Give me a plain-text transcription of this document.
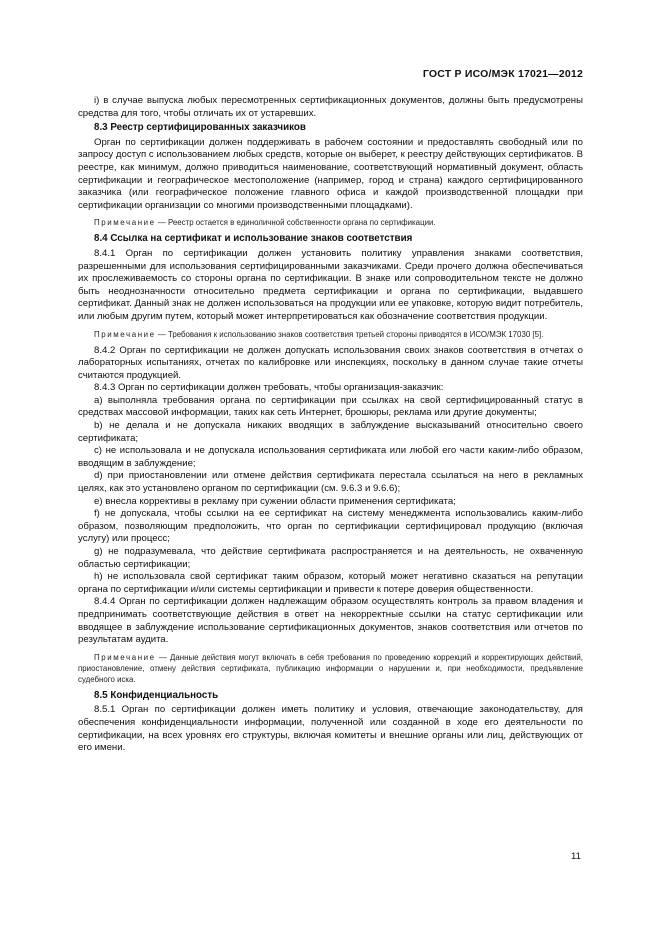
ГОСТ Р ИСО/МЭК 17021—2012

i) в случае выпуска любых пересмотренных сертификационных документов, должны быть предусмотрены средства для того, чтобы отличать их от устаревших.

8.3 Реестр сертифицированных заказчиков

Орган по сертификации должен поддерживать в рабочем состоянии и предоставлять свободный или по запросу доступ с использованием любых средств, которые он выберет, к реестру действующих сертификатов. В реестре, как минимум, должно приводиться наименование, соответствующий нормативный документ, область сертификации и географическое местоположение (например, город и страна) каждого сертифицированного заказчика (или географическое положение главного офиса и каждой производственной площадки при сертификации организации со многими производственными площадками).

Примечание — Реестр остается в единоличной собственности органа по сертификации.
8.4 Ссылка на сертификат и использование знаков соответствия

8.4.1 Орган по сертификации должен установить политику управления знаками соответствия, разрешенными для использования сертифицированными заказчиками. Среди прочего должна обеспечиваться их прослеживаемость со стороны органа по сертификации. В знаке или сопроводительном тексте не должно быть неоднозначности относительно предмета сертификации и органа по сертификации, выдавшего сертификат. Данный знак не должен использоваться на продукции или ее упаковке, которую видит потребитель, или любым другим путем, который может интерпретироваться как обозначение соответствия продукции.

Примечание — Требования к использованию знаков соответствия третьей стороны приводятся в ИСО/МЭК 17030 [5].

8.4.2 Орган по сертификации не должен допускать использования своих знаков соответствия в отчетах о лабораторных испытаниях, отчетах по калибровке или инспекциях, поскольку в данном случае такие отчеты считаются продукцией.

8.4.3 Орган по сертификации должен требовать, чтобы организация-заказчик:

a) выполняла требования органа по сертификации при ссылках на свой сертифицированный статус в средствах массовой информации, таких как сеть Интернет, брошюры, реклама или другие документы;

b) не делала и не допускала никаких вводящих в заблуждение высказываний относительно своего сертификата;

c) не использовала и не допускала использования сертификата или любой его части каким-либо образом, вводящим в заблуждение;

d) при приостановлении или отмене действия сертификата перестала ссылаться на него в рекламных целях, как это установлено органом по сертификации (см. 9.6.3 и 9.6.6);

e) внесла коррективы в рекламу при сужении области применения сертификата;

f) не допускала, чтобы ссылки на ее сертификат на систему менеджмента использовались каким-либо образом, позволяющим предположить, что орган по сертификации сертифицировал продукцию (включая услугу) или процесс;

g) не подразумевала, что действие сертификата распространяется и на деятельность, не охваченную областью сертификации;

h) не использовала свой сертификат таким образом, который может негативно сказаться на репутации органа по сертификации и/или системы сертификации и привести к потере доверия общественности.

8.4.4 Орган по сертификации должен надлежащим образом осуществлять контроль за правом владения и предпринимать соответствующие действия в ответ на некорректные ссылки на статус сертификации или вводящее в заблуждение использование сертификационных документов, знаков соответствия или отчетов по результатам аудита.

Примечание — Данные действия могут включать в себя требования по проведению коррекций и корректирующих действий, приостановление, отмену действия сертификата, публикацию информации о нарушении и, при необходимости, предъявление судебного иска.
8.5 Конфиденциальность

8.5.1 Орган по сертификации должен иметь политику и условия, отвечающие законодательству, для обеспечения конфиденциальности информации, полученной или созданной в ходе его деятельности по сертификации, на всех уровнях его структуры, включая комитеты и внешние органы или лиц, действующих от его имени.

11
